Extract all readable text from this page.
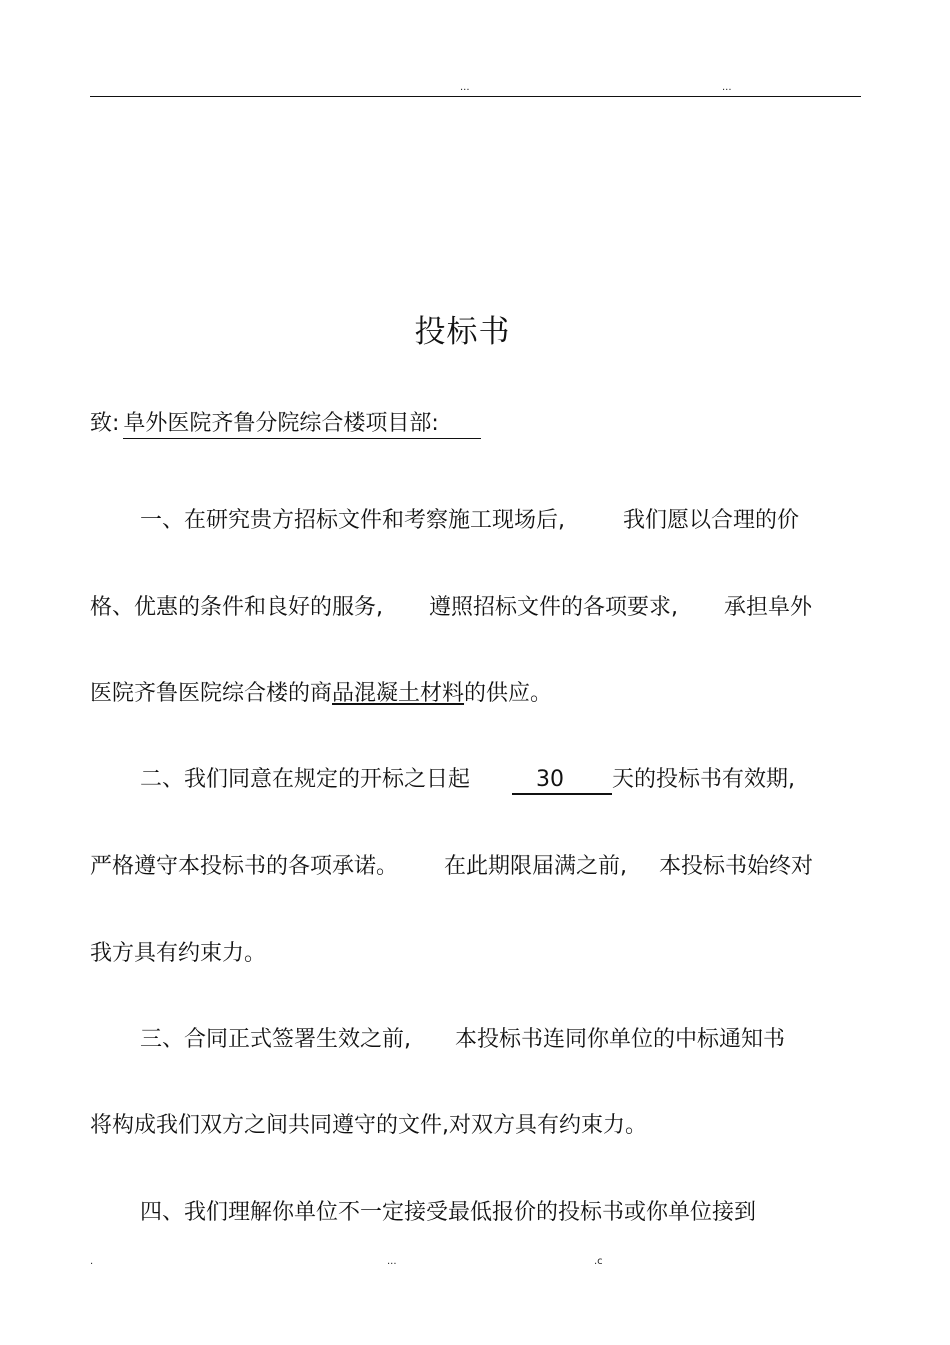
...	...
投标书
致: 阜外医院齐鲁分院综合楼项目部:
一、在研究贵方招标文件和考察施工现场后,	我们愿以合理的价
格、优惠的条件和良好的服务, 遵照招标文件的各项要求, 承担阜外
医院齐鲁医院综合楼的商品混凝土材料的供应。
二、我们同意在规定的开标之日起	30 天的投标书有效期,
严格遵守本投标书的各项承诺。 在此期限届满之前, 本投标书始终对
我方具有约束力。
三、合同正式签署生效之前, 本投标书连同你单位的中标通知书
将构成我们双方之间共同遵守的文件,对双方具有约束力。
四、我们理解你单位不一定接受最低报价的投标书或你单位接到
.	...	.c
